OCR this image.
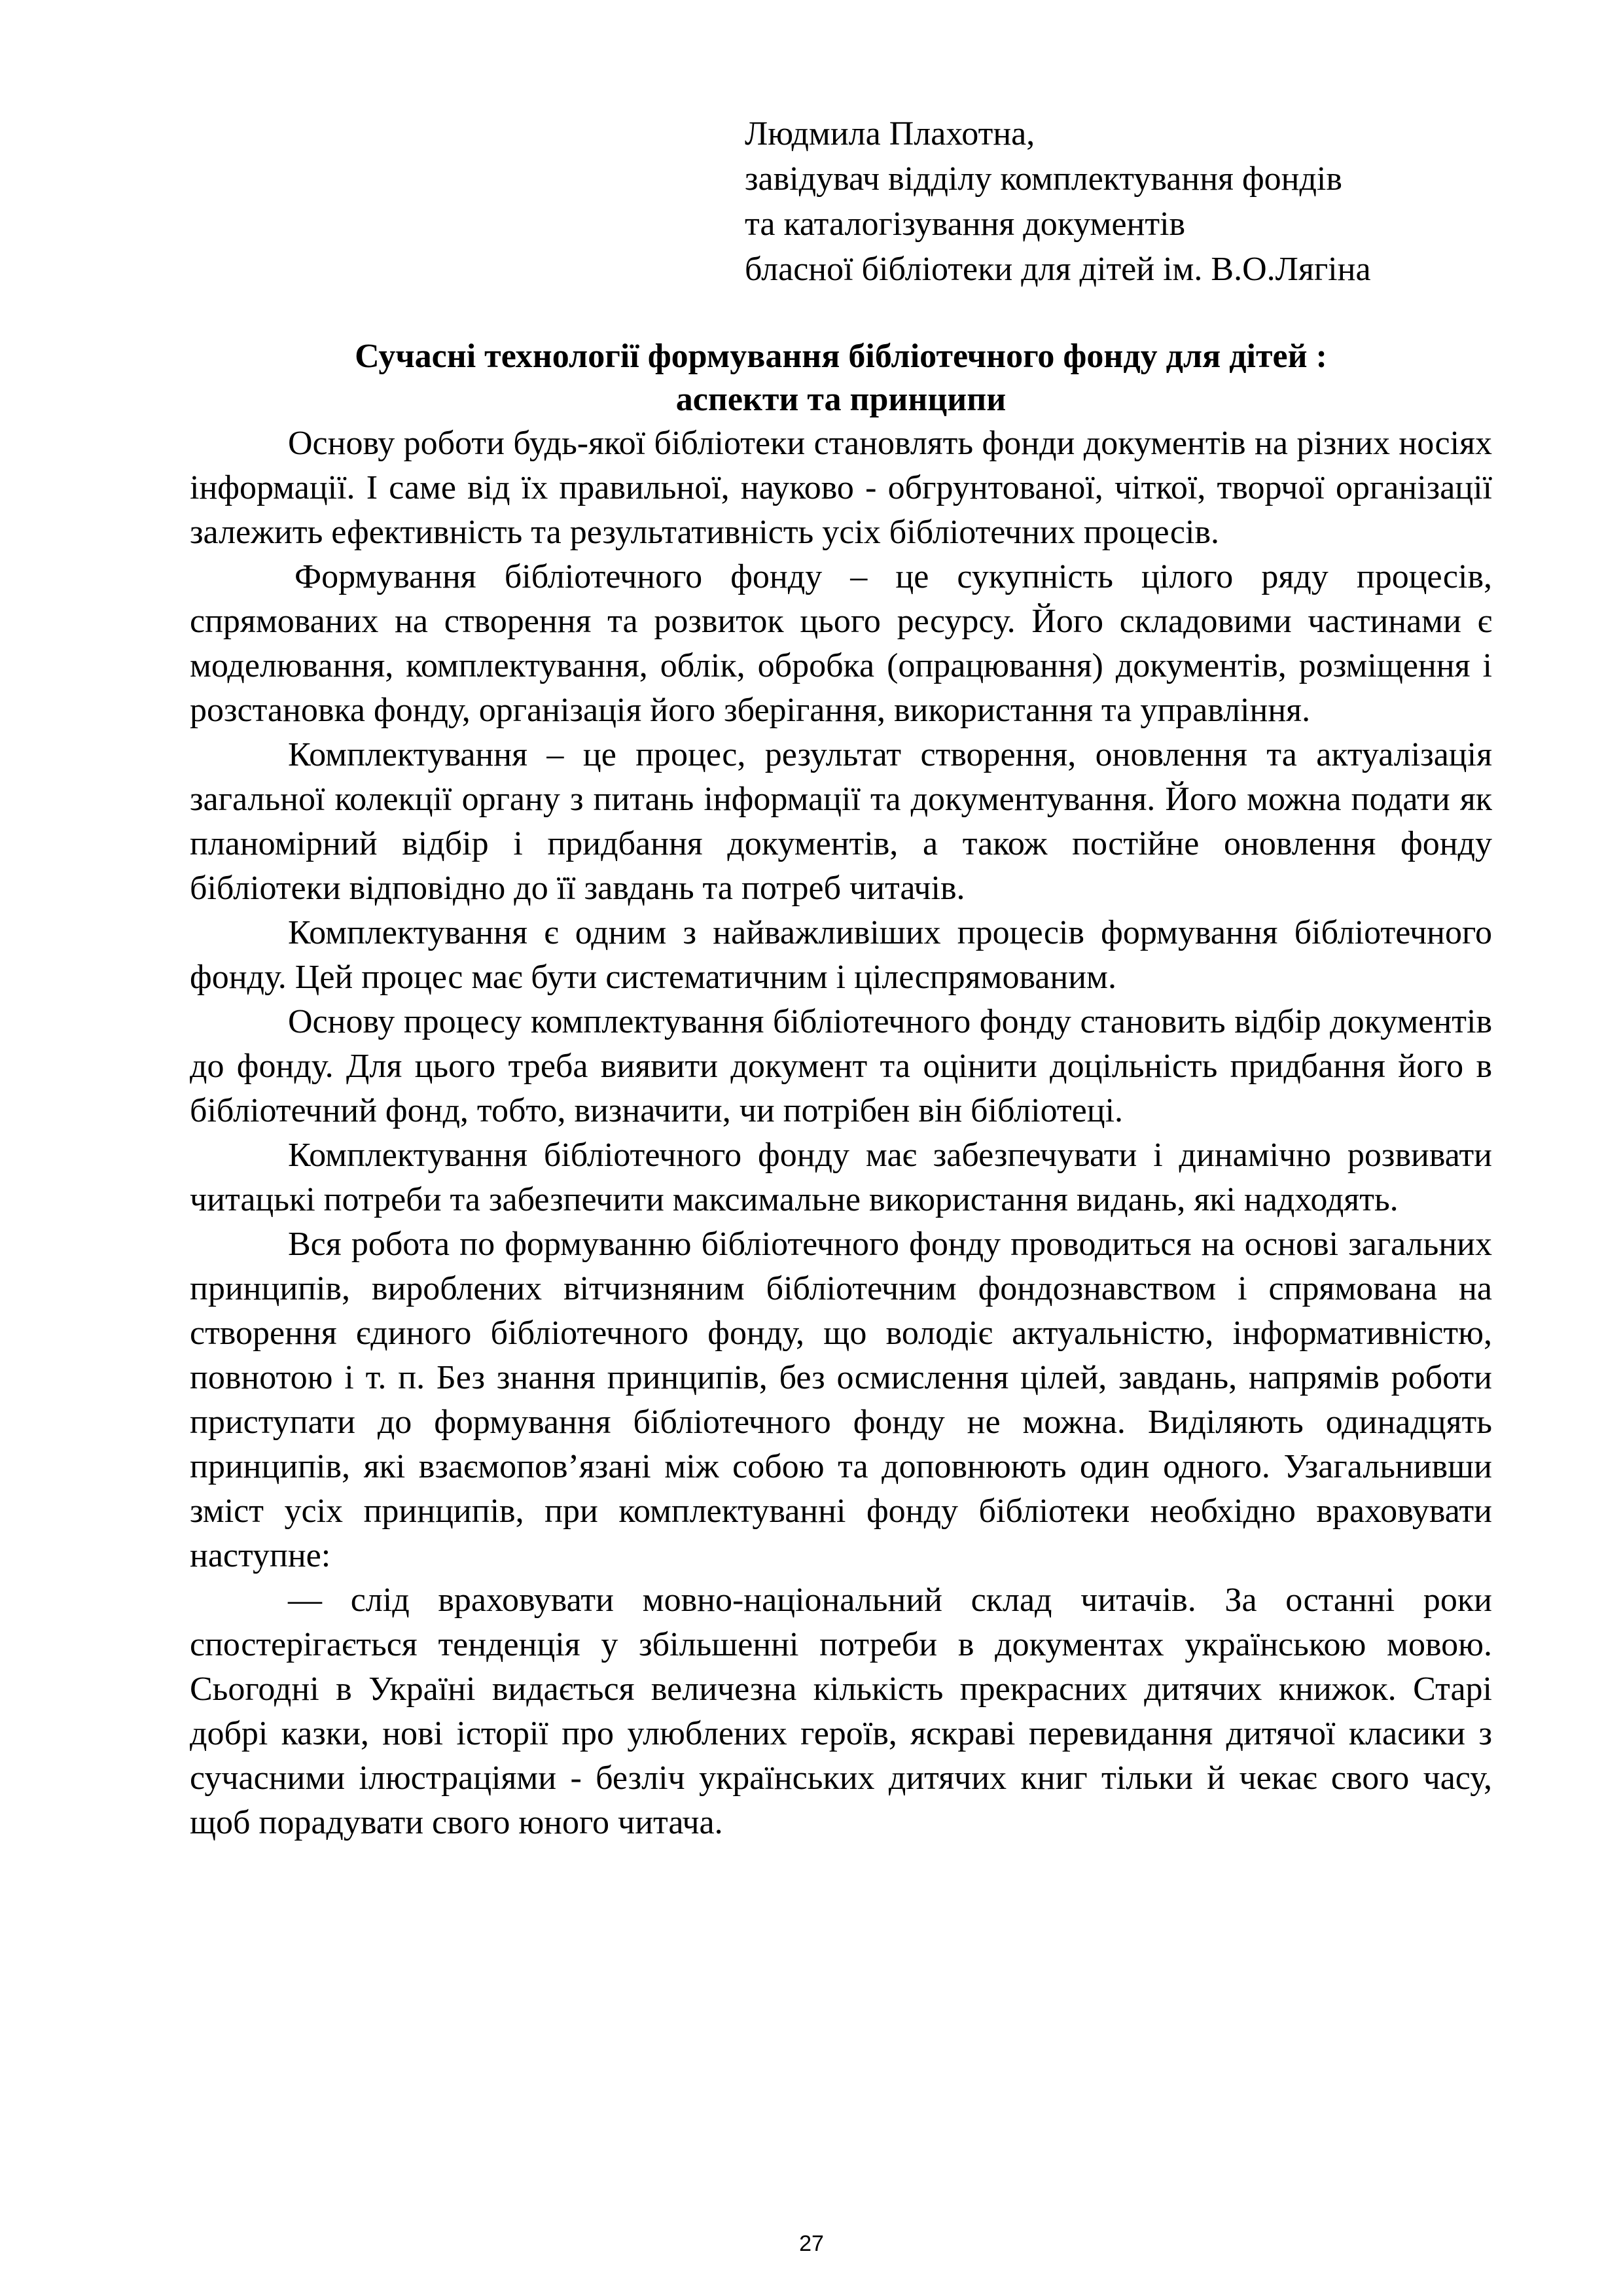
Людмила Плахотна,
завідувач відділу комплектування фондів
та каталогізування документів
бласної бібліотеки для дітей ім. В.О.Лягіна
Сучасні технології формування бібліотечного фонду для дітей :
аспекти та принципи

Основу роботи будь-якої бібліотеки становлять фонди документів на різних носіях інформації. І саме від їх правильної, науково - обгрунтованої, чіткої, творчої організації залежить ефективність та результативність усіх бібліотечних процесів.

Формування бібліотечного фонду – це сукупність цілого ряду процесів, спрямованих на створення та розвиток цього ресурсу. Його складовими частинами є моделювання, комплектування, облік, обробка (опрацювання) документів, розміщення і розстановка фонду, організація його зберігання, використання та управління.

Комплектування – це процес, результат створення, оновлення та актуалізація загальної колекції органу з питань інформації та документування. Його можна подати як планомірний відбір і придбання документів, а також постійне оновлення фонду бібліотеки відповідно до її завдань та потреб читачів.

Комплектування є одним з найважливіших процесів формування бібліотечного фонду. Цей процес має бути систематичним і цілеспрямованим.

Основу процесу комплектування бібліотечного фонду становить відбір документів до фонду. Для цього треба виявити документ та оцінити доцільність придбання його в бібліотечний фонд, тобто, визначити, чи потрібен він бібліотеці.

Комплектування бібліотечного фонду має забезпечувати і динамічно розвивати читацькі потреби та забезпечити максимальне використання видань, які надходять.

Вся робота по формуванню бібліотечного фонду проводиться на основі загальних принципів, вироблених вітчизняним бібліотечним фондознавством і спрямована на створення єдиного бібліотечного фонду, що володіє актуальністю, інформативністю, повнотою і т. п. Без знання принципів, без осмислення цілей, завдань, напрямів роботи приступати до формування бібліотечного фонду не можна. Виділяють одинадцять принципів, які взаємопов’язані між собою та доповнюють один одного. Узагальнивши зміст усіх принципів, при комплектуванні фонду бібліотеки необхідно враховувати наступне:

— слід враховувати мовно-національний склад читачів. За останні роки спостерігається тенденція у збільшенні потреби в документах українською мовою. Сьогодні в Україні видається величезна кількість прекрасних дитячих книжок. Старі добрі казки, нові історії про улюблених героїв, яскраві перевидання дитячої класики з сучасними ілюстраціями - безліч українських дитячих книг тільки й чекає свого часу, щоб порадувати свого юного читача.

27
